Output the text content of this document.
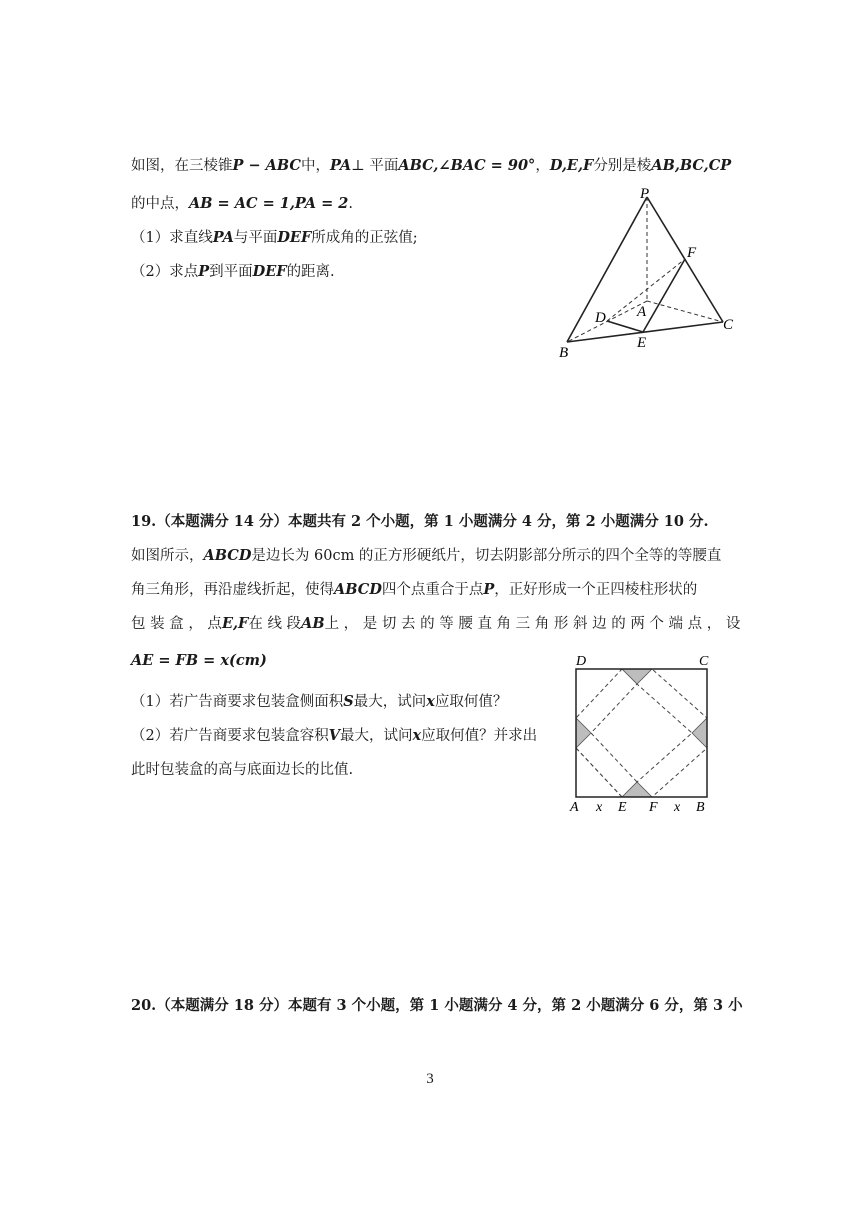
如图，在三棱锥P − ABC中，PA⊥ 平面ABC,∠BAC = 90°，D,E,F分别是棱AB,BC,CP
的中点，AB = AC = 1,PA = 2.
（1）求直线PA与平面DEF所成角的正弦值;
（2）求点P到平面DEF的距离.
P
F
D A
C
B
E
19.（本题满分 14 分）本题共有 2 个小题，第 1 小题满分 4 分，第 2 小题满分 10 分.
如图所示，ABCD是边长为 60cm 的正方形硬纸片，切去阴影部分所示的四个全等的等腰直
角三角形，再沿虚线折起，使得ABCD四个点重合于点P，正好形成一个正四棱柱形状的
包 装 盒 ， 点E,F在 线 段AB上 ， 是 切 去 的 等 腰 直 角 三 角 形 斜 边 的 两 个 端 点 ， 设
AE = FB = x(cm)
（1）若广告商要求包装盒侧面积S最大，试问x应取何值？
（2）若广告商要求包装盒容积V最大，试问x应取何值？并求出
此时包装盒的高与底面边长的比值.
D	C
A x E F x B
20.（本题满分 18 分）本题有 3 个小题，第 1 小题满分 4 分，第 2 小题满分 6 分，第 3 小
3
